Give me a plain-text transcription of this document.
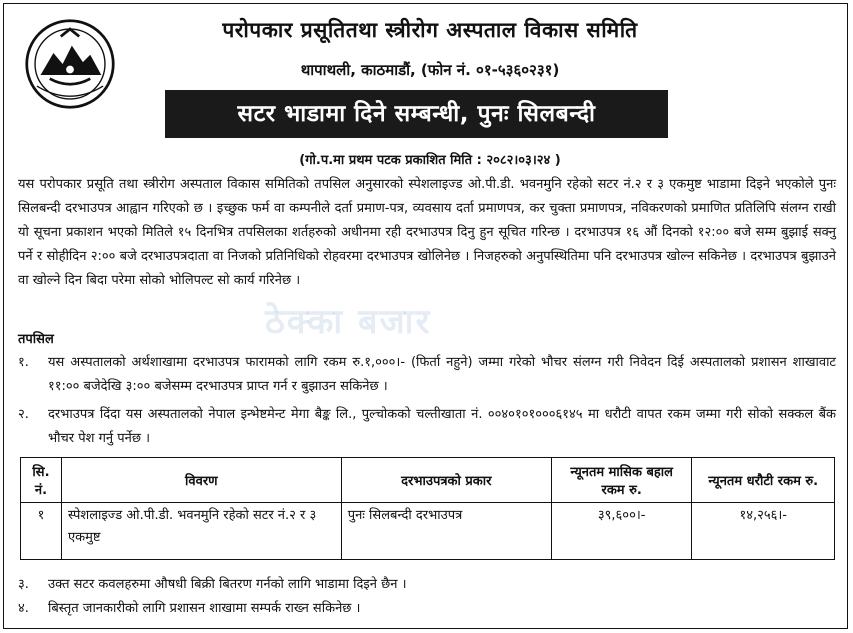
परोपकार प्रसूतितथा स्त्रीरोग अस्पताल विकास समिति
थापाथली, काठमाडौं, (फोन नं. ०१-५३६०२३१)
सटर भाडामा दिने सम्बन्धी, पुनः सिलबन्दी
(गो.प.मा प्रथम पटक प्रकाशित मिति : २०८२।०३।२४ )
यस परोपकार प्रसूति तथा स्त्रीरोग अस्पताल विकास समितिको तपसिल अनुसारको स्पेशलाइज्ड ओ.पी.डी. भवनमुनि रहेको सटर नं.२ र ३ एकमुष्ट भाडामा दिइने भएकोले पुनः सिलबन्दी दरभाउपत्र आह्वान गरिएको छ । इच्छुक फर्म वा कम्पनीले दर्ता प्रमाण-पत्र, व्यवसाय दर्ता प्रमाणपत्र, कर चुक्ता प्रमाणपत्र, नविकरणको प्रमाणित प्रतिलिपि संलग्न राखी यो सूचना प्रकाशन भएको मितिले १५ दिनभित्र तपसिलका शर्तहरुको अधीनमा रही दरभाउपत्र दिनु हुन सूचित गरिन्छ । दरभाउपत्र १६ औं दिनको १२:०० बजे सम्म बुझाई सक्नु पर्ने र सोहीदिन २:०० बजे दरभाउपत्रदाता वा निजको प्रतिनिधिको रोहवरमा दरभाउपत्र खोलिनेछ । निजहरुको अनुपस्थितिमा पनि दरभाउपत्र खोल्न सकिनेछ । दरभाउपत्र बुझाउने वा खोल्ने दिन बिदा परेमा सोको भोलिपल्ट सो कार्य गरिनेछ ।
ठेक्का बजार
तपसिल
१.	यस अस्पतालको अर्थशाखामा दरभाउपत्र फारामको लागि रकम रु.१,०००।- (फिर्ता नहुने) जम्मा गरेको भौचर संलग्न गरी निवेदन दिई अस्पतालको प्रशासन शाखावाट ११:०० बजेदेखि ३:०० बजेसम्म दरभाउपत्र प्राप्त गर्न र बुझाउन सकिनेछ ।
२.	दरभाउपत्र दिंदा यस अस्पतालको नेपाल इन्भेष्टमेन्ट मेगा बैङ्क लि., पुल्चोकको चल्तीखाता नं. ००४०१०१०००६१४५ मा धरौटी वापत रकम जम्मा गरी सोको सक्कल बैंक भौचर पेश गर्नु पर्नेछ ।
सि. नं.	विवरण	दरभाउपत्रको प्रकार	न्यूनतम मासिक बहाल रकम रु.	न्यूनतम धरौटी रकम रु.
१	स्पेशलाइज्ड ओ.पी.डी. भवनमुनि रहेको सटर नं.२ र ३ एकमुष्ट	पुनः सिलबन्दी दरभाउपत्र	३९,६००।-	१४,२५६।-
३.	उक्त सटर कवलहरुमा औषधी बिक्री बितरण गर्नको लागि भाडामा दिइने छैन ।
४.	बिस्तृत जानकारीको लागि प्रशासन शाखामा सम्पर्क राख्न सकिनेछ ।
